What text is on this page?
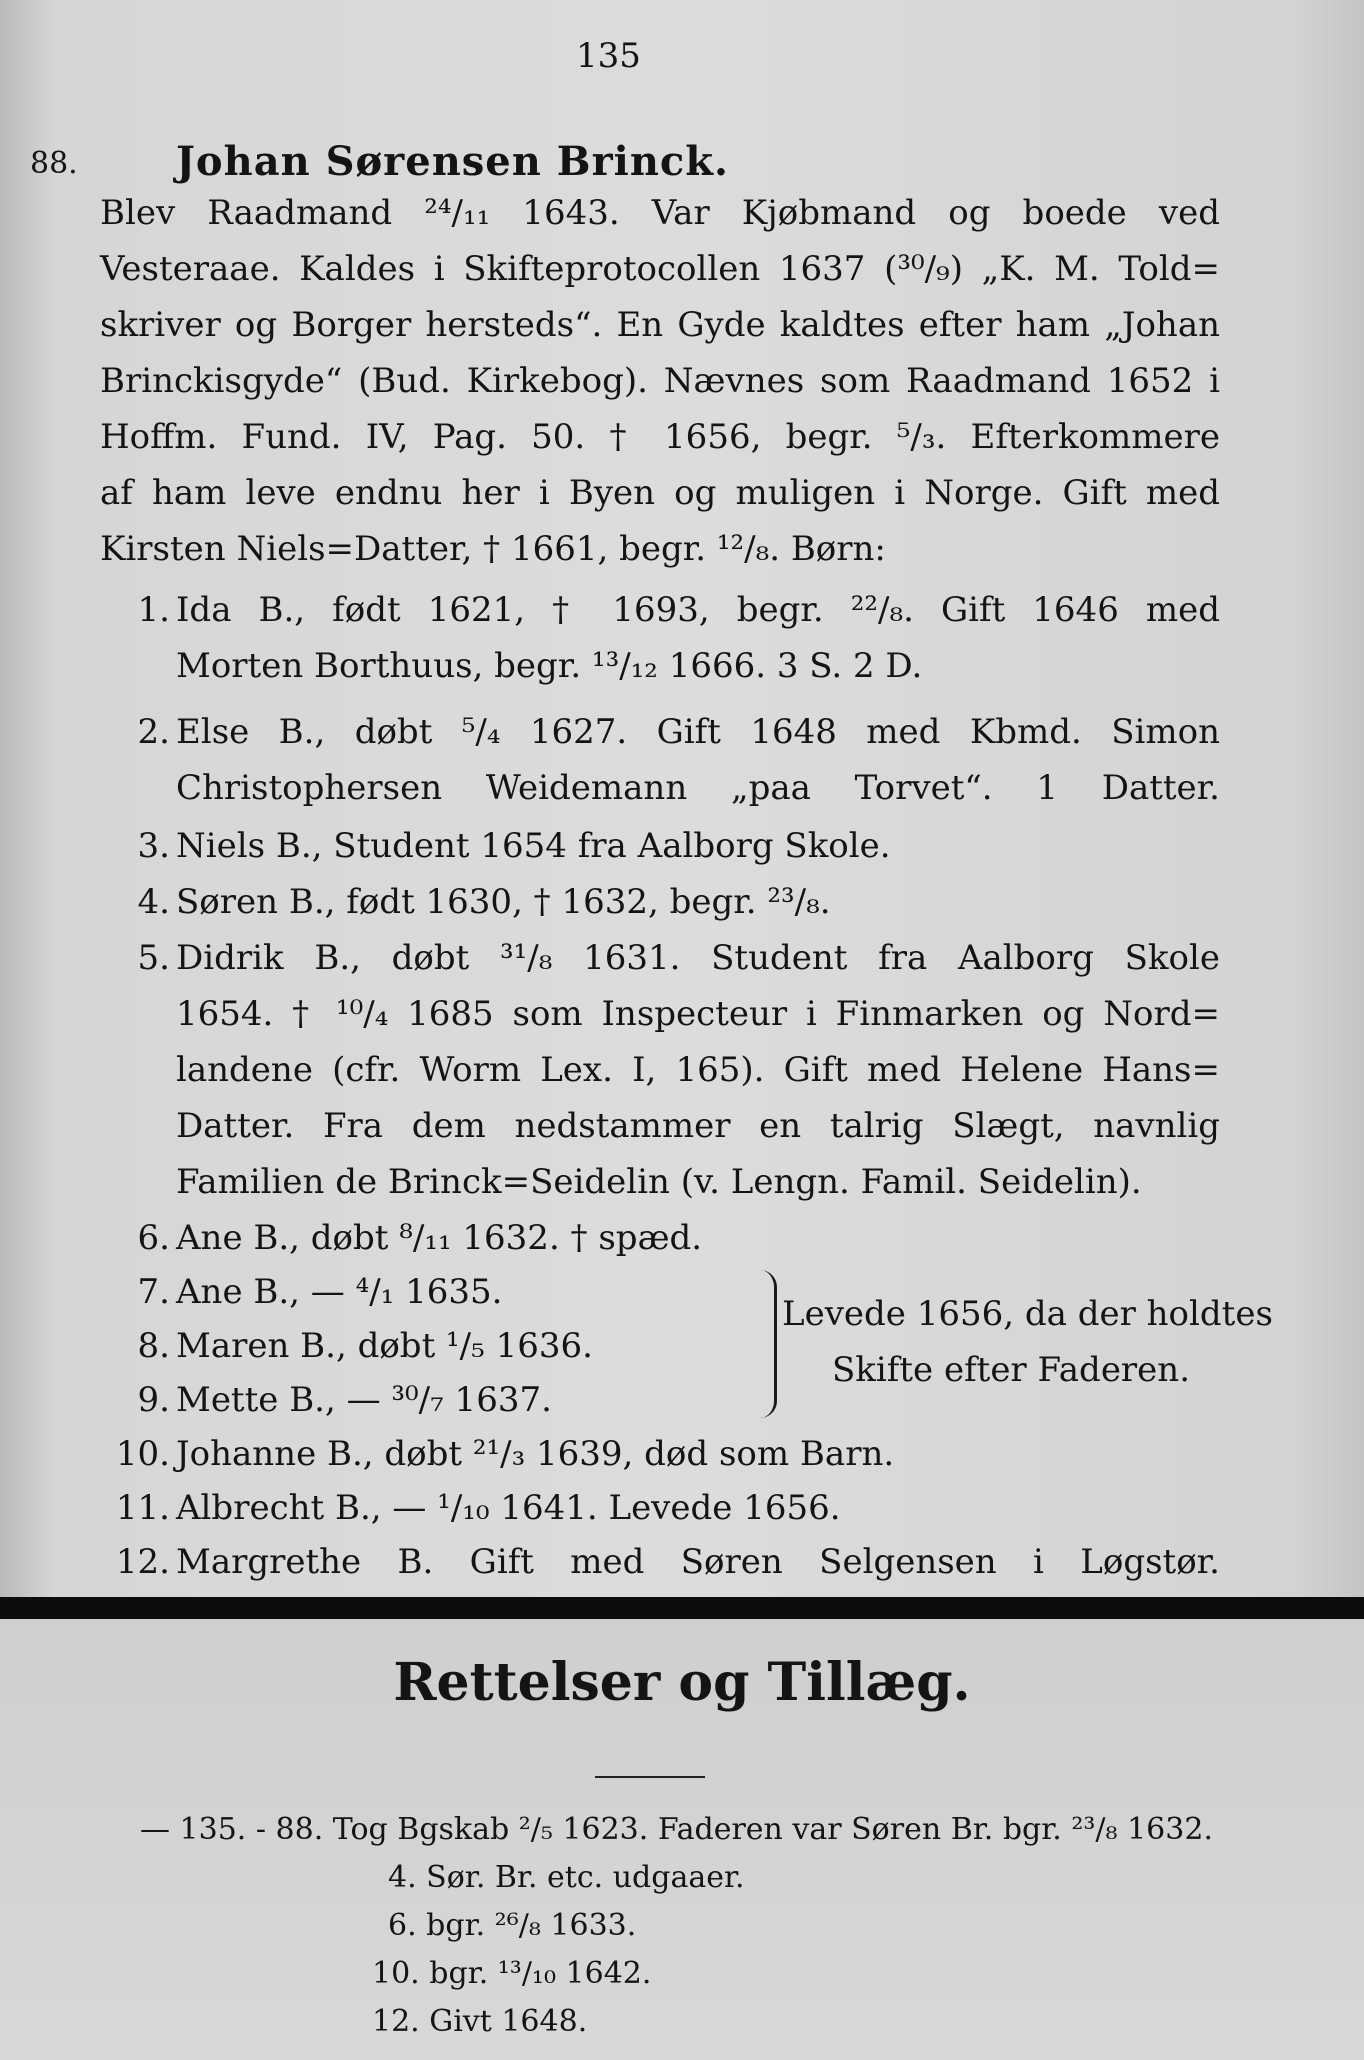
135
88. Johan Sørensen Brinck.
Blev Raadmand ²⁴/₁₁ 1643. Var Kjøbmand og boede ved
Vesteraae. Kaldes i Skifteprotocollen 1637 (³⁰/₉) „K. M. Told=
skriver og Borger hersteds“. En Gyde kaldtes efter ham „Johan
Brinckisgyde“ (Bud. Kirkebog). Nævnes som Raadmand 1652 i
Hoffm. Fund. IV, Pag. 50. † 1656, begr. ⁵/₃. Efterkommere
af ham leve endnu her i Byen og muligen i Norge. Gift med
Kirsten Niels=Datter, † 1661, begr. ¹²/₈. Børn:
1. Ida B., født 1621, † 1693, begr. ²²/₈. Gift 1646 med
Morten Borthuus, begr. ¹³/₁₂ 1666. 3 S. 2 D.
2. Else B., døbt ⁵/₄ 1627. Gift 1648 med Kbmd. Simon
Christophersen Weidemann „paa Torvet“. 1 Datter.
3. Niels B., Student 1654 fra Aalborg Skole.
4. Søren B., født 1630, † 1632, begr. ²³/₈.
5. Didrik B., døbt ³¹/₈ 1631. Student fra Aalborg Skole
1654. † ¹⁰/₄ 1685 som Inspecteur i Finmarken og Nord=
landene (cfr. Worm Lex. I, 165). Gift med Helene Hans=
Datter. Fra dem nedstammer en talrig Slægt, navnlig
Familien de Brinck=Seidelin (v. Lengn. Famil. Seidelin).
6. Ane B., døbt ⁸/₁₁ 1632. † spæd.
7. Ane B., — ⁴/₁ 1635.
8. Maren B., døbt ¹/₅ 1636.
9. Mette B., — ³⁰/₇ 1637.
Levede 1656, da der holdtes
Skifte efter Faderen.
10. Johanne B., døbt ²¹/₃ 1639, død som Barn.
11. Albrecht B., — ¹/₁₀ 1641. Levede 1656.
12. Margrethe B. Gift med Søren Selgensen i Løgstør.
Rettelser og Tillæg.
— 135. - 88. Tog Bgskab ²/₅ 1623. Faderen var Søren Br. bgr. ²³/₈ 1632.
4. Sør. Br. etc. udgaaer.
6. bgr. ²⁶/₈ 1633.
10. bgr. ¹³/₁₀ 1642.
12. Givt 1648.
